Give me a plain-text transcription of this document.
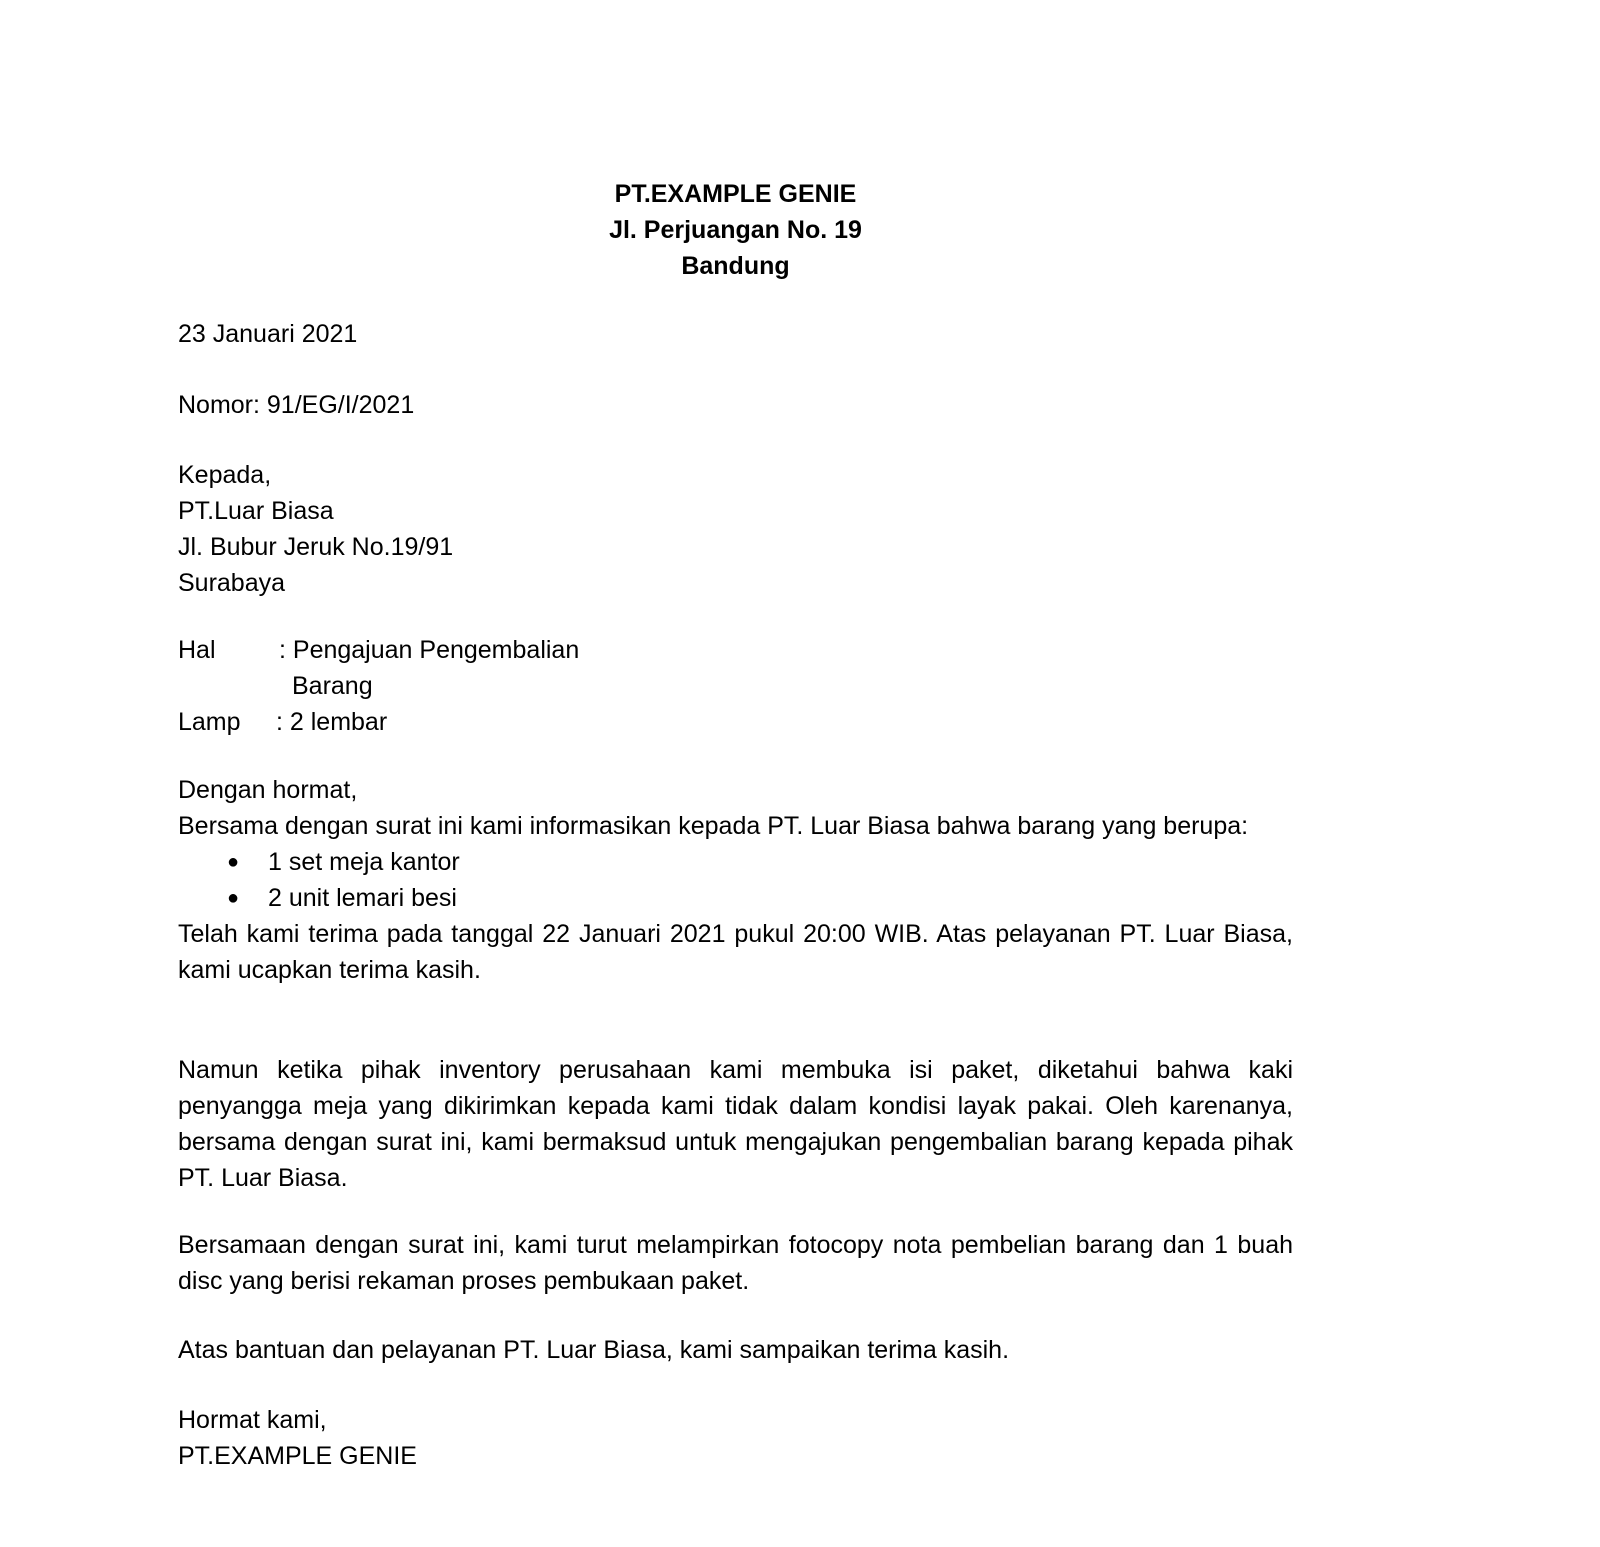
PT.EXAMPLE GENIE
Jl. Perjuangan No. 19
Bandung
23 Januari 2021
Nomor: 91/EG/I/2021
Kepada,
PT.Luar Biasa
Jl. Bubur Jeruk No.19/91
Surabaya
Hal	: Pengajuan Pengembalian
Barang
Lamp : 2 lembar
Dengan hormat,
Bersama dengan surat ini kami informasikan kepada PT. Luar Biasa bahwa barang yang berupa:
● 1 set meja kantor
● 2 unit lemari besi
Telah kami terima pada tanggal 22 Januari 2021 pukul 20:00 WIB. Atas pelayanan PT. Luar Biasa, kami ucapkan terima kasih.
Namun ketika pihak inventory perusahaan kami membuka isi paket, diketahui bahwa kaki penyangga meja yang dikirimkan kepada kami tidak dalam kondisi layak pakai. Oleh karenanya, bersama dengan surat ini, kami bermaksud untuk mengajukan pengembalian barang kepada pihak PT. Luar Biasa.
Bersamaan dengan surat ini, kami turut melampirkan fotocopy nota pembelian barang dan 1 buah disc yang berisi rekaman proses pembukaan paket.
Atas bantuan dan pelayanan PT. Luar Biasa, kami sampaikan terima kasih.
Hormat kami,
PT.EXAMPLE GENIE
